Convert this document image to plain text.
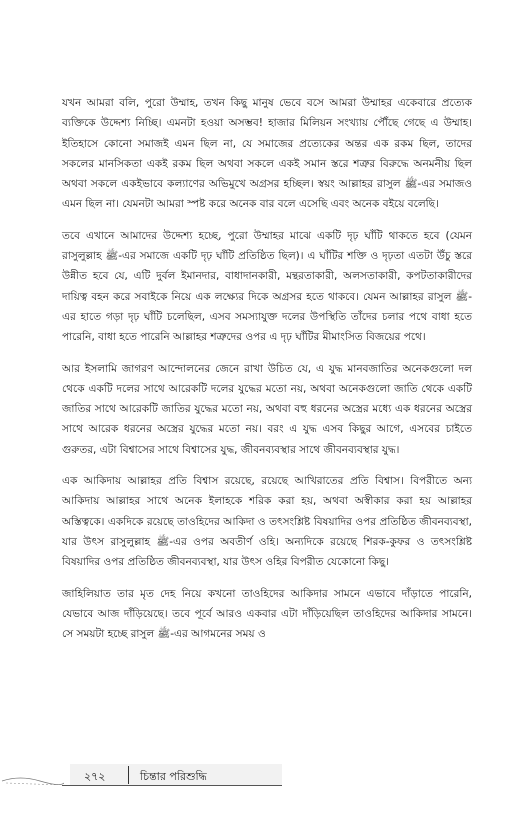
যখন আমরা বলি, পুরো উম্মাহ, তখন কিছু মানুষ ভেবে বসে আমরা উম্মাহর একেবারে প্রত্যেক ব্যক্তিকে উদ্দেশ্য নিচ্ছি। এমনটা হওয়া অসম্ভব! হাজার মিলিয়ন সংখ্যায় পৌঁছে গেছে এ উম্মাহ। ইতিহাসে কোনো সমাজই এমন ছিল না, যে সমাজের প্রত্যেকের অন্তর এক রকম ছিল, তাদের সকলের মানসিকতা একই রকম ছিল অথবা সকলে একই সমান স্তরে শত্রুর বিরুদ্ধে অনমনীয় ছিল অথবা সকলে একইভাবে কল্যাণের অভিমুখে অগ্রসর হচ্ছিল। স্বয়ং আল্লাহর রাসুল ﷺ-এর সমাজও এমন ছিল না। যেমনটা আমরা স্পষ্ট করে অনেক বার বলে এসেছি এবং অনেক বইয়ে বলেছি।

তবে এখানে আমাদের উদ্দেশ্য হচ্ছে, পুরো উম্মাহর মাঝে একটি দৃঢ় ঘাঁটি থাকতে হবে (যেমন রাসুলুল্লাহ ﷺ-এর সমাজে একটি দৃঢ় ঘাঁটি প্রতিষ্ঠিত ছিল)। এ ঘাঁটির শক্তি ও দৃঢ়তা এতটা উঁচু স্তরে উন্নীত হবে যে, এটি দুর্বল ইমানদার, বাধাদানকারী, মন্থরতাকারী, অলসতাকারী, কপটতাকারীদের দায়িত্ব বহন করে সবাইকে নিয়ে এক লক্ষ্যের দিকে অগ্রসর হতে থাকবে। যেমন আল্লাহর রাসুল ﷺ-এর হাতে গড়া দৃঢ় ঘাঁটি চলেছিল, এসব সমস্যাযুক্ত দলের উপস্থিতি তাঁদের চলার পথে বাধা হতে পারেনি, বাধা হতে পারেনি আল্লাহর শত্রুদের ওপর এ দৃঢ় ঘাঁটির মীমাংসিত বিজয়ের পথে।

আর ইসলামি জাগরণ আন্দোলনের জেনে রাখা উচিত যে, এ যুদ্ধ মানবজাতির অনেকগুলো দল থেকে একটি দলের সাথে আরেকটি দলের যুদ্ধের মতো নয়, অথবা অনেকগুলো জাতি থেকে একটি জাতির সাথে আরেকটি জাতির যুদ্ধের মতো নয়, অথবা বহু ধরনের অস্ত্রের মধ্যে এক ধরনের অস্ত্রের সাথে আরেক ধরনের অস্ত্রের যুদ্ধের মতো নয়। বরং এ যুদ্ধ এসব কিছুর আগে, এসবের চাইতে গুরুতর, এটা বিশ্বাসের সাথে বিশ্বাসের যুদ্ধ, জীবনব্যবস্থার সাথে জীবনব্যবস্থার যুদ্ধ।

এক আকিদায় আল্লাহর প্রতি বিশ্বাস রয়েছে, রয়েছে আখিরাতের প্রতি বিশ্বাস। বিপরীতে অন্য আকিদায় আল্লাহর সাথে অনেক ইলাহকে শরিক করা হয়, অথবা অস্বীকার করা হয় আল্লাহর অস্তিত্বকে। একদিকে রয়েছে তাওহিদের আকিদা ও তৎসংশ্লিষ্ট বিষয়াদির ওপর প্রতিষ্ঠিত জীবনব্যবস্থা, যার উৎস রাসুলুল্লাহ ﷺ-এর ওপর অবতীর্ণ ওহি। অন্যদিকে রয়েছে শিরক-কুফর ও তৎসংশ্লিষ্ট বিষয়াদির ওপর প্রতিষ্ঠিত জীবনব্যবস্থা, যার উৎস ওহির বিপরীত যেকোনো কিছু।

জাহিলিয়াত তার মৃত দেহ নিয়ে কখনো তাওহিদের আকিদার সামনে এভাবে দাঁড়াতে পারেনি, যেভাবে আজ দাঁড়িয়েছে। তবে পূর্বে আরও একবার এটা দাঁড়িয়েছিল তাওহিদের আকিদার সামনে। সে সময়টা হচ্ছে রাসুল ﷺ-এর আগমনের সময় ও

২৭২	চিন্তার পরিশুদ্ধি
